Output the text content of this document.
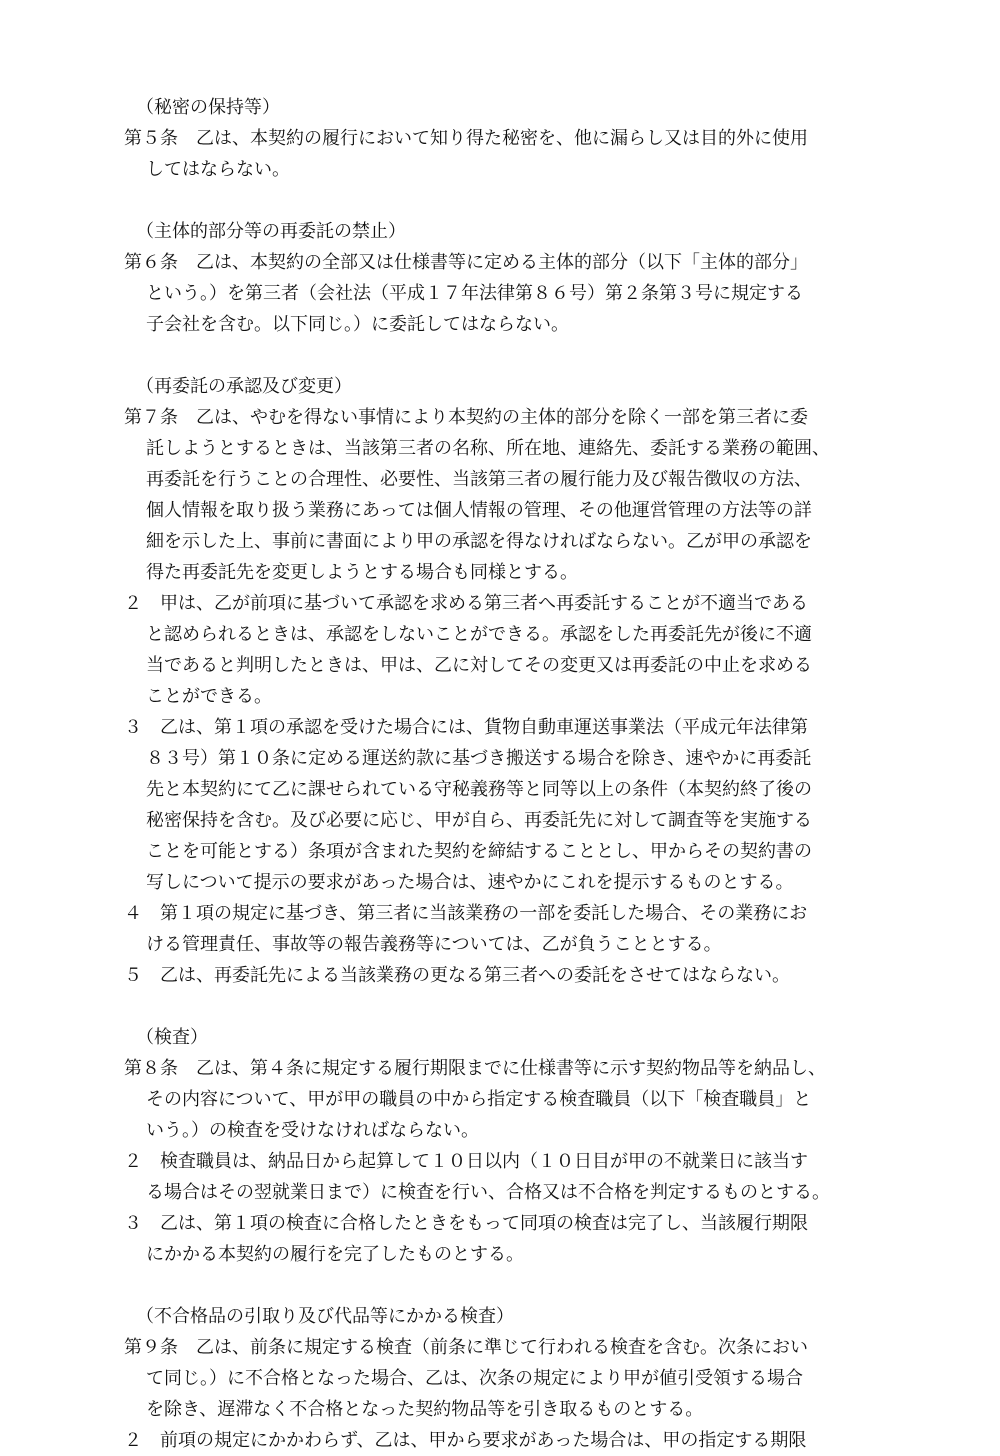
（秘密の保持等）
第５条　乙は、本契約の履行において知り得た秘密を、他に漏らし又は目的外に使用
してはならない。
（主体的部分等の再委託の禁止）
第６条　乙は、本契約の全部又は仕様書等に定める主体的部分（以下「主体的部分」
という。）を第三者（会社法（平成１７年法律第８６号）第２条第３号に規定する
子会社を含む。以下同じ。）に委託してはならない。
（再委託の承認及び変更）
第７条　乙は、やむを得ない事情により本契約の主体的部分を除く一部を第三者に委
託しようとするときは、当該第三者の名称、所在地、連絡先、委託する業務の範囲、
再委託を行うことの合理性、必要性、当該第三者の履行能力及び報告徴収の方法、
個人情報を取り扱う業務にあっては個人情報の管理、その他運営管理の方法等の詳
細を示した上、事前に書面により甲の承認を得なければならない。乙が甲の承認を
得た再委託先を変更しようとする場合も同様とする。
２　甲は、乙が前項に基づいて承認を求める第三者へ再委託することが不適当である
と認められるときは、承認をしないことができる。承認をした再委託先が後に不適
当であると判明したときは、甲は、乙に対してその変更又は再委託の中止を求める
ことができる。
３　乙は、第１項の承認を受けた場合には、貨物自動車運送事業法（平成元年法律第
８３号）第１０条に定める運送約款に基づき搬送する場合を除き、速やかに再委託
先と本契約にて乙に課せられている守秘義務等と同等以上の条件（本契約終了後の
秘密保持を含む。及び必要に応じ、甲が自ら、再委託先に対して調査等を実施する
ことを可能とする）条項が含まれた契約を締結することとし、甲からその契約書の
写しについて提示の要求があった場合は、速やかにこれを提示するものとする。
４　第１項の規定に基づき、第三者に当該業務の一部を委託した場合、その業務にお
ける管理責任、事故等の報告義務等については、乙が負うこととする。
５　乙は、再委託先による当該業務の更なる第三者への委託をさせてはならない。
（検査）
第８条　乙は、第４条に規定する履行期限までに仕様書等に示す契約物品等を納品し、
その内容について、甲が甲の職員の中から指定する検査職員（以下「検査職員」と
いう。）の検査を受けなければならない。
２　検査職員は、納品日から起算して１０日以内（１０日目が甲の不就業日に該当す
る場合はその翌就業日まで）に検査を行い、合格又は不合格を判定するものとする。
３　乙は、第１項の検査に合格したときをもって同項の検査は完了し、当該履行期限
にかかる本契約の履行を完了したものとする。
（不合格品の引取り及び代品等にかかる検査）
第９条　乙は、前条に規定する検査（前条に準じて行われる検査を含む。次条におい
て同じ。）に不合格となった場合、乙は、次条の規定により甲が値引受領する場合
を除き、遅滞なく不合格となった契約物品等を引き取るものとする。
２　前項の規定にかかわらず、乙は、甲から要求があった場合は、甲の指定する期限
